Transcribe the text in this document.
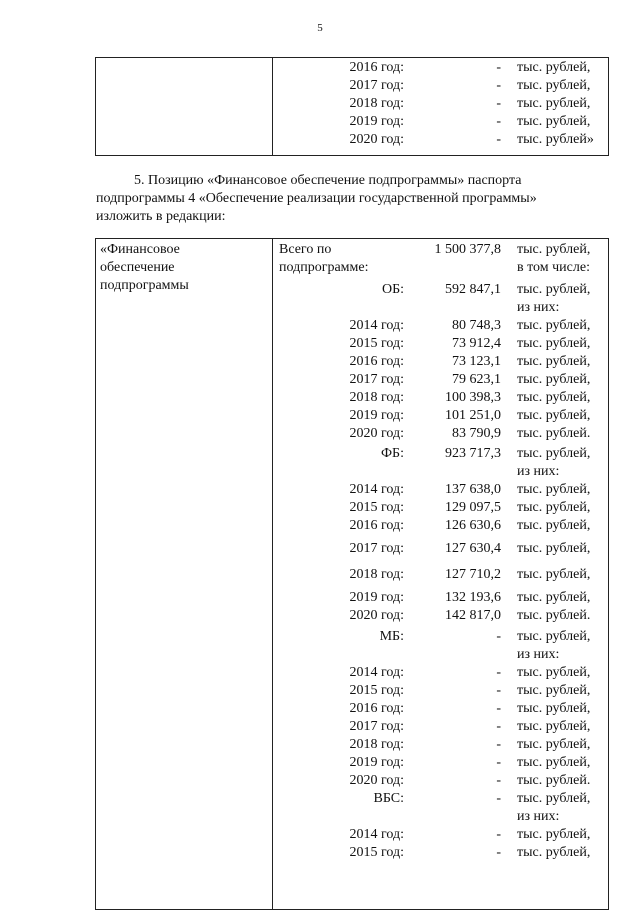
5
2016 год:	- тыс. рублей,
2017 год:	- тыс. рублей,
2018 год:	- тыс. рублей,
2019 год:	- тыс. рублей,
2020 год:	- тыс. рублей»
5. Позицию «Финансовое обеспечение подпрограммы» паспорта
подпрограммы 4 «Обеспечение реализации государственной программы»
изложить в редакции:
«Финансовое
обеспечение
подпрограммы
Всего по
подпрограмме:
1 500 377,8 тыс. рублей,
в том числе:
ОБ:	592 847,1 тыс. рублей,
из них:
2014 год:	80 748,3 тыс. рублей,
2015 год:	73 912,4 тыс. рублей,
2016 год:	73 123,1 тыс. рублей,
2017 год:	79 623,1 тыс. рублей,
2018 год:	100 398,3 тыс. рублей,
2019 год:	101 251,0 тыс. рублей,
2020 год:	83 790,9 тыс. рублей.
ФБ:	923 717,3 тыс. рублей,
из них:
2014 год:	137 638,0 тыс. рублей,
2015 год:	129 097,5 тыс. рублей,
2016 год:	126 630,6 тыс. рублей,
2017 год:	127 630,4 тыс. рублей,
2018 год:	127 710,2 тыс. рублей,
2019 год:	132 193,6 тыс. рублей,
2020 год:	142 817,0 тыс. рублей.
МБ:	- тыс. рублей,
из них:
2014 год:	- тыс. рублей,
2015 год:	- тыс. рублей,
2016 год:	- тыс. рублей,
2017 год:	- тыс. рублей,
2018 год:	- тыс. рублей,
2019 год:	- тыс. рублей,
2020 год:	- тыс. рублей.
ВБС:	- тыс. рублей,
из них:
2014 год:	- тыс. рублей,
2015 год:	- тыс. рублей,
